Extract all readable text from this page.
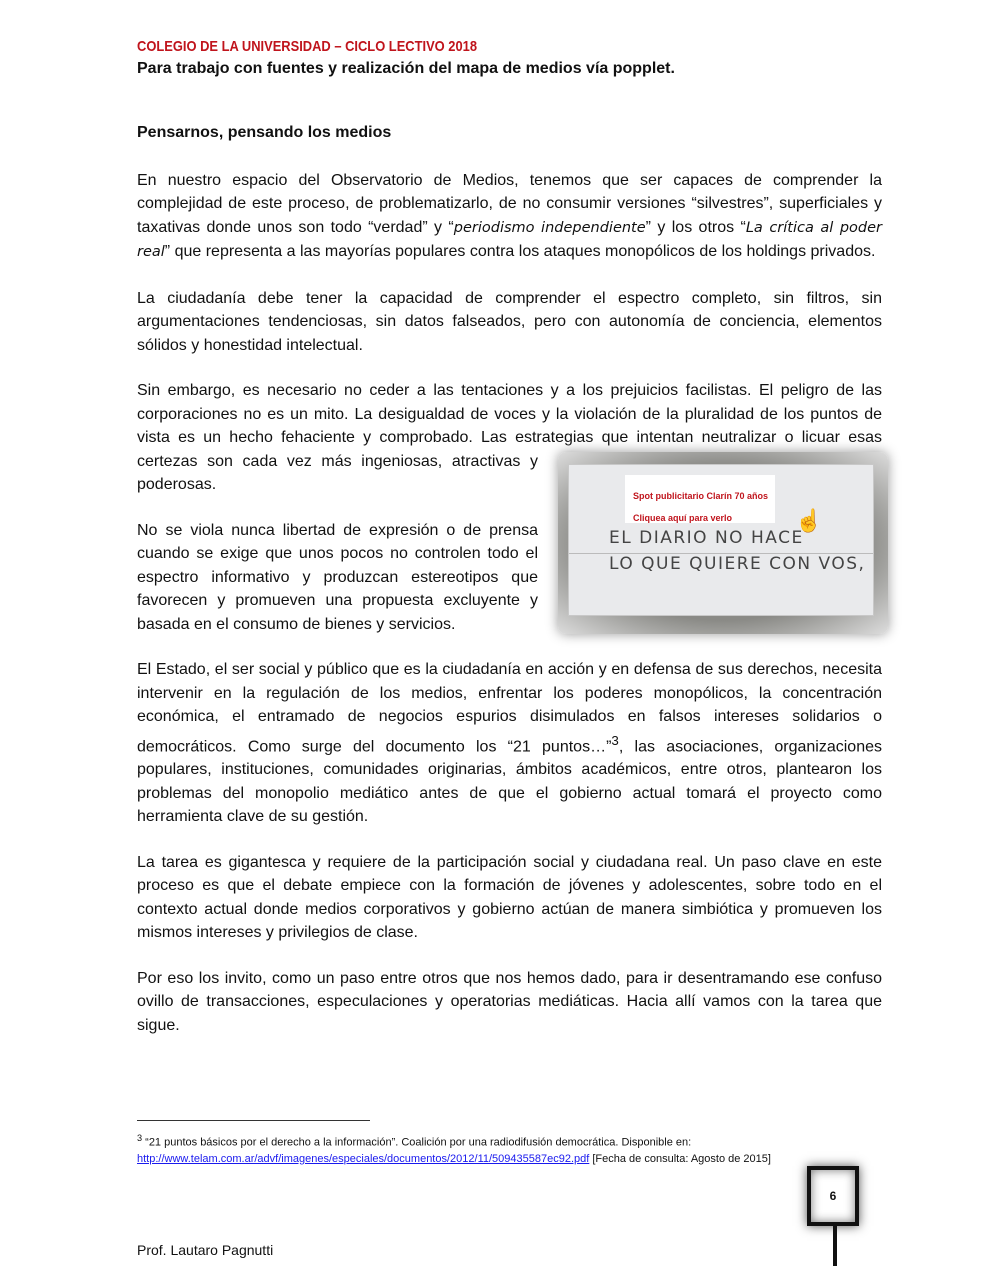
COLEGIO DE LA UNIVERSIDAD – CICLO LECTIVO 2018
Para trabajo con fuentes y realización del mapa de medios vía popplet.
Pensarnos, pensando los medios

En nuestro espacio del Observatorio de Medios, tenemos que ser capaces de comprender la complejidad de este proceso, de problematizarlo, de no consumir versiones “silvestres”, superficiales y taxativas donde unos son todo “verdad” y “periodismo independiente” y los otros “La crítica al poder real” que representa a las mayorías populares contra los ataques monopólicos de los holdings privados.

La ciudadanía debe tener la capacidad de comprender el espectro completo, sin filtros, sin argumentaciones tendenciosas, sin datos falseados, pero con autonomía de conciencia, elementos sólidos y honestidad intelectual.

Sin embargo, es necesario no ceder a las tentaciones y a los prejuicios facilistas. El peligro de las corporaciones no es un mito. La desigualdad de voces y la violación de la pluralidad de los puntos de vista es un hecho fehaciente y comprobado. Las estrategias que intentan neutralizar o licuar esas

Spot publicitario Clarín 70 años
Cliquea aquí para verlo	☝
EL DIARIO NO HACE
LO QUE QUIERE CON VOS,

certezas son cada vez más ingeniosas, atractivas y poderosas.

No se viola nunca libertad de expresión o de prensa cuando se exige que unos pocos no controlen todo el espectro informativo y produzcan estereotipos que favorecen y promueven una propuesta excluyente y basada en el consumo de bienes y servicios.

El Estado, el ser social y público que es la ciudadanía en acción y en defensa de sus derechos, necesita intervenir en la regulación de los medios, enfrentar los poderes monopólicos, la concentración económica, el entramado de negocios espurios disimulados en falsos intereses solidarios o democráticos. Como surge del documento los “21 puntos…”$^3$, las asociaciones, organizaciones populares, instituciones, comunidades originarias, ámbitos académicos, entre otros, plantearon los problemas del monopolio mediático antes de que el gobierno actual tomará el proyecto como herramienta clave de su gestión.

La tarea es gigantesca y requiere de la participación social y ciudadana real. Un paso clave en este proceso es que el debate empiece con la formación de jóvenes y adolescentes, sobre todo en el contexto actual donde medios corporativos y gobierno actúan de manera simbiótica y promueven los mismos intereses y privilegios de clase.

Por eso los invito, como un paso entre otros que nos hemos dado, para ir desentramando ese confuso ovillo de transacciones, especulaciones y operatorias mediáticas. Hacia allí vamos con la tarea que sigue.

$^3$ “21 puntos básicos por el derecho a la información”. Coalición por una radiodifusión democrática. Disponible en:
http://www.telam.com.ar/advf/imagenes/especiales/documentos/2012/11/509435587ec92.pdf [Fecha de consulta: Agosto de 2015]
Prof. Lautaro Pagnutti
6
